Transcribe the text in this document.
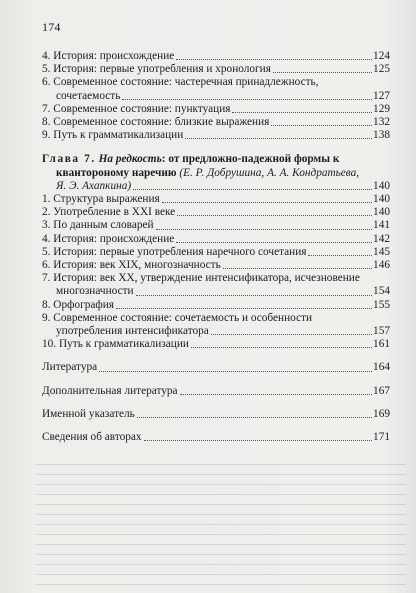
174
4. История: происхождение	124
5. История: первые употребления и хронология	125
6. Современное состояние: частеречная принадлежность,
сочетаемость	127
7. Современное состояние: пунктуация	129
8. Современное состояние: близкие выражения	132
9. Путь к грамматикализации	138
Глава 7. На редкость: от предложно-падежной формы к
квантороному наречию (Е. Р. Добрушина, А. А. Кондратьева,
Я. Э. Ахапкина)	140
1. Структура выражения	140
2. Употребление в XXI веке	140
3. По данным словарей	141
4. История: происхождение	142
5. История: первые употребления наречного сочетания	145
6. История: век XIX, многозначность	146
7. История: век XX, утверждение интенсификатора, исчезновение
многозначности	154
8. Орфография	155
9. Современное состояние: сочетаемость и особенности
употребления интенсификатора	157
10. Путь к грамматикализации	161
Литература	164
Дополнительная литература	167
Именной указатель	169
Сведения об авторах	171
